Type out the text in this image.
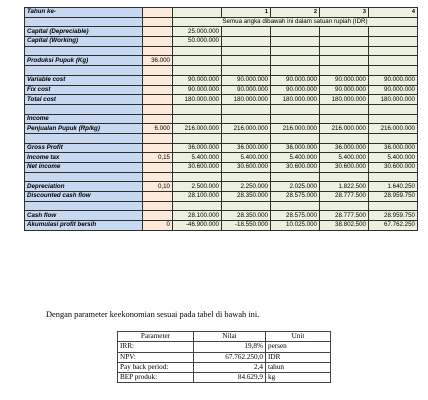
Tahun ke-			1	2	3	4
		Semua angka dibawah ini dalam satuan rupiah (IDR)				
Capital (Depreciable)		25.000.000				
Capital (Working)		50.000.000				

Produksi Pupuk (Kg)	36.000					

Variable cost		90.000.000	90.000.000	90.000.000	90.000.000	90.000.000
Fix cost		90.000.000	90.000.000	90.000.000	90.000.000	90.000.000
Total cost		180.000.000	180.000.000	180.000.000	180.000.000	180.000.000

Income						
Penjualan Pupuk (Rp/kg)	6.000	216.000.000	216.000.000	216.000.000	216.000.000	216.000.000

Gross Profit		36.000.000	36.000.000	36.000.000	36.000.000	36.000.000
Income tax	0,15	5.400.000	5.400.000	5.400.000	5.400.000	5.400.000
Net income		30.600.000	30.600.000	30.600.000	30.600.000	30.600.000

Depreciation	0,10	2.500.000	2.250.000	2.025.000	1.822.500	1.640.250
Discounted cash flow		28.100.000	28.350.000	28.575.000	28.777.500	28.959.750

Cash flow		28.100.000	28.350.000	28.575.000	28.777.500	28.959.750
Akumulasi profit bersih	0	-46.900.000	-18.550.000	10.025.000	38.802.500	67.762.250
Dengan parameter keekonomian sesuai pada tabel di bawah ini.
Parameter	Nilai	Unit
IRR:	19,8%	persen
NPV:	67.762.250,0	IDR
Pay back period:	2,4	tahun
BEP produk:	84.629,9	kg
